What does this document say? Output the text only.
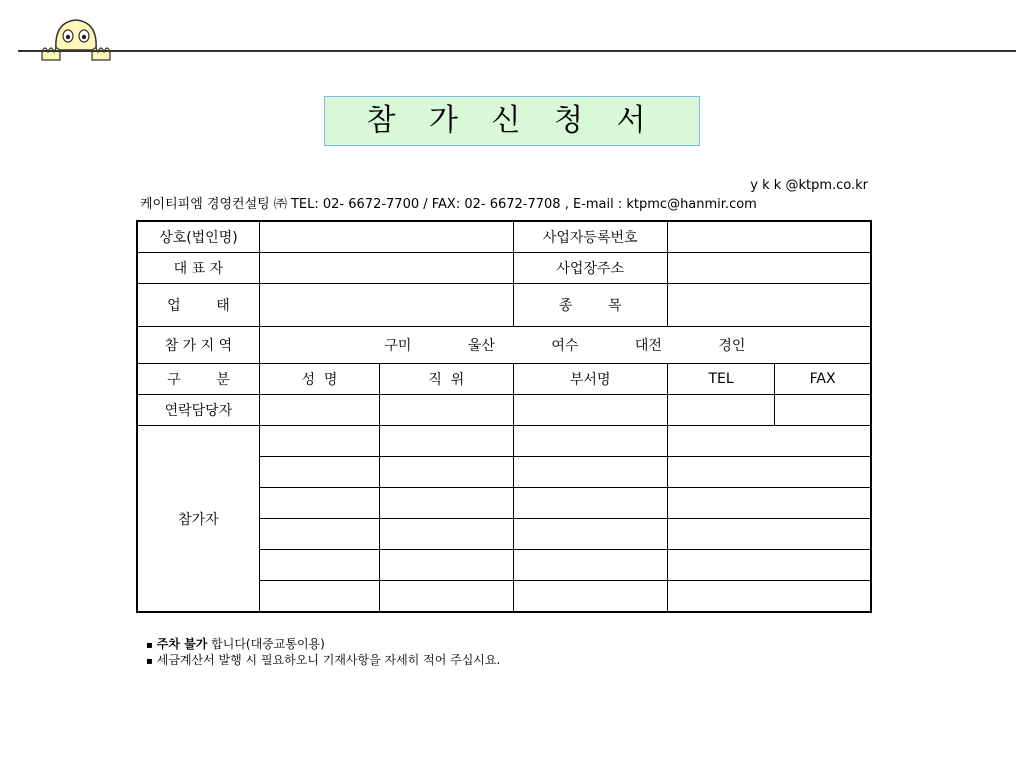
참 가 신 청 서
y k k @ktpm.co.kr
케이티피엠 경영컨설팅 ㈜ TEL: 02- 6672-7700 / FAX: 02- 6672-7708 , E-mail : ktpmc@hanmir.com
상호(법인명)			사업자등록번호		
대 표 자			사업장주소		
업        태			종        목		
참 가 지 역	구미 울산 여수 대전 경인				
구        분	성  명	직  위	부서명	TEL	FAX
연락담당자					
참가자					

▪ 주차 불가 합니다(대중교통이용)
▪ 세금계산서 발행 시 필요하오니 기재사항을 자세히 적어 주십시요.
